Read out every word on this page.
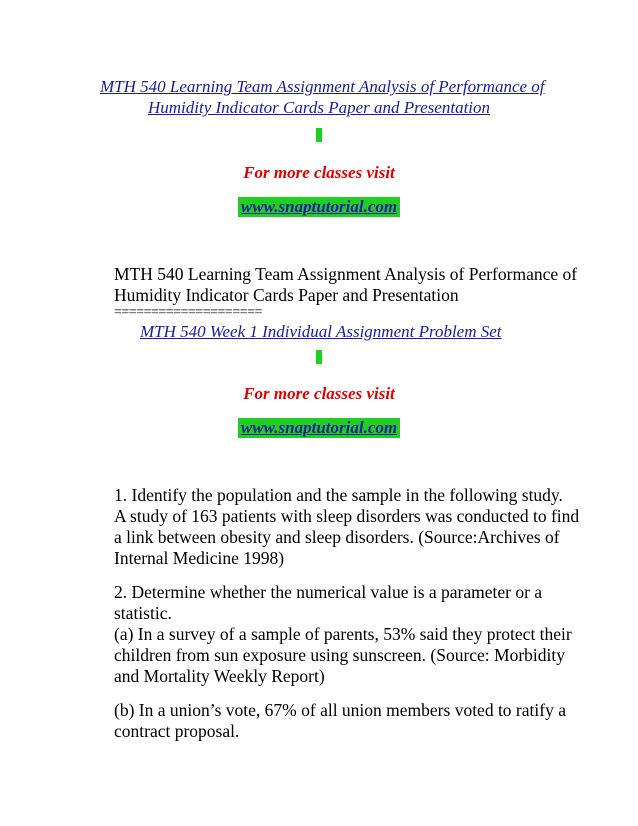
MTH 540 Learning Team Assignment Analysis of Performance of
Humidity Indicator Cards Paper and Presentation
For more classes visit
www.snaptutorial.com
MTH 540 Learning Team Assignment Analysis of Performance of
Humidity Indicator Cards Paper and Presentation
====================
MTH 540 Week 1 Individual Assignment Problem Set
For more classes visit
www.snaptutorial.com
1. Identify the population and the sample in the following study.
A study of 163 patients with sleep disorders was conducted to find
a link between obesity and sleep disorders. (Source:Archives of
Internal Medicine 1998)
2. Determine whether the numerical value is a parameter or a
statistic.
(a) In a survey of a sample of parents, 53% said they protect their
children from sun exposure using sunscreen. (Source: Morbidity
and Mortality Weekly Report)
(b) In a union’s vote, 67% of all union members voted to ratify a
contract proposal.
